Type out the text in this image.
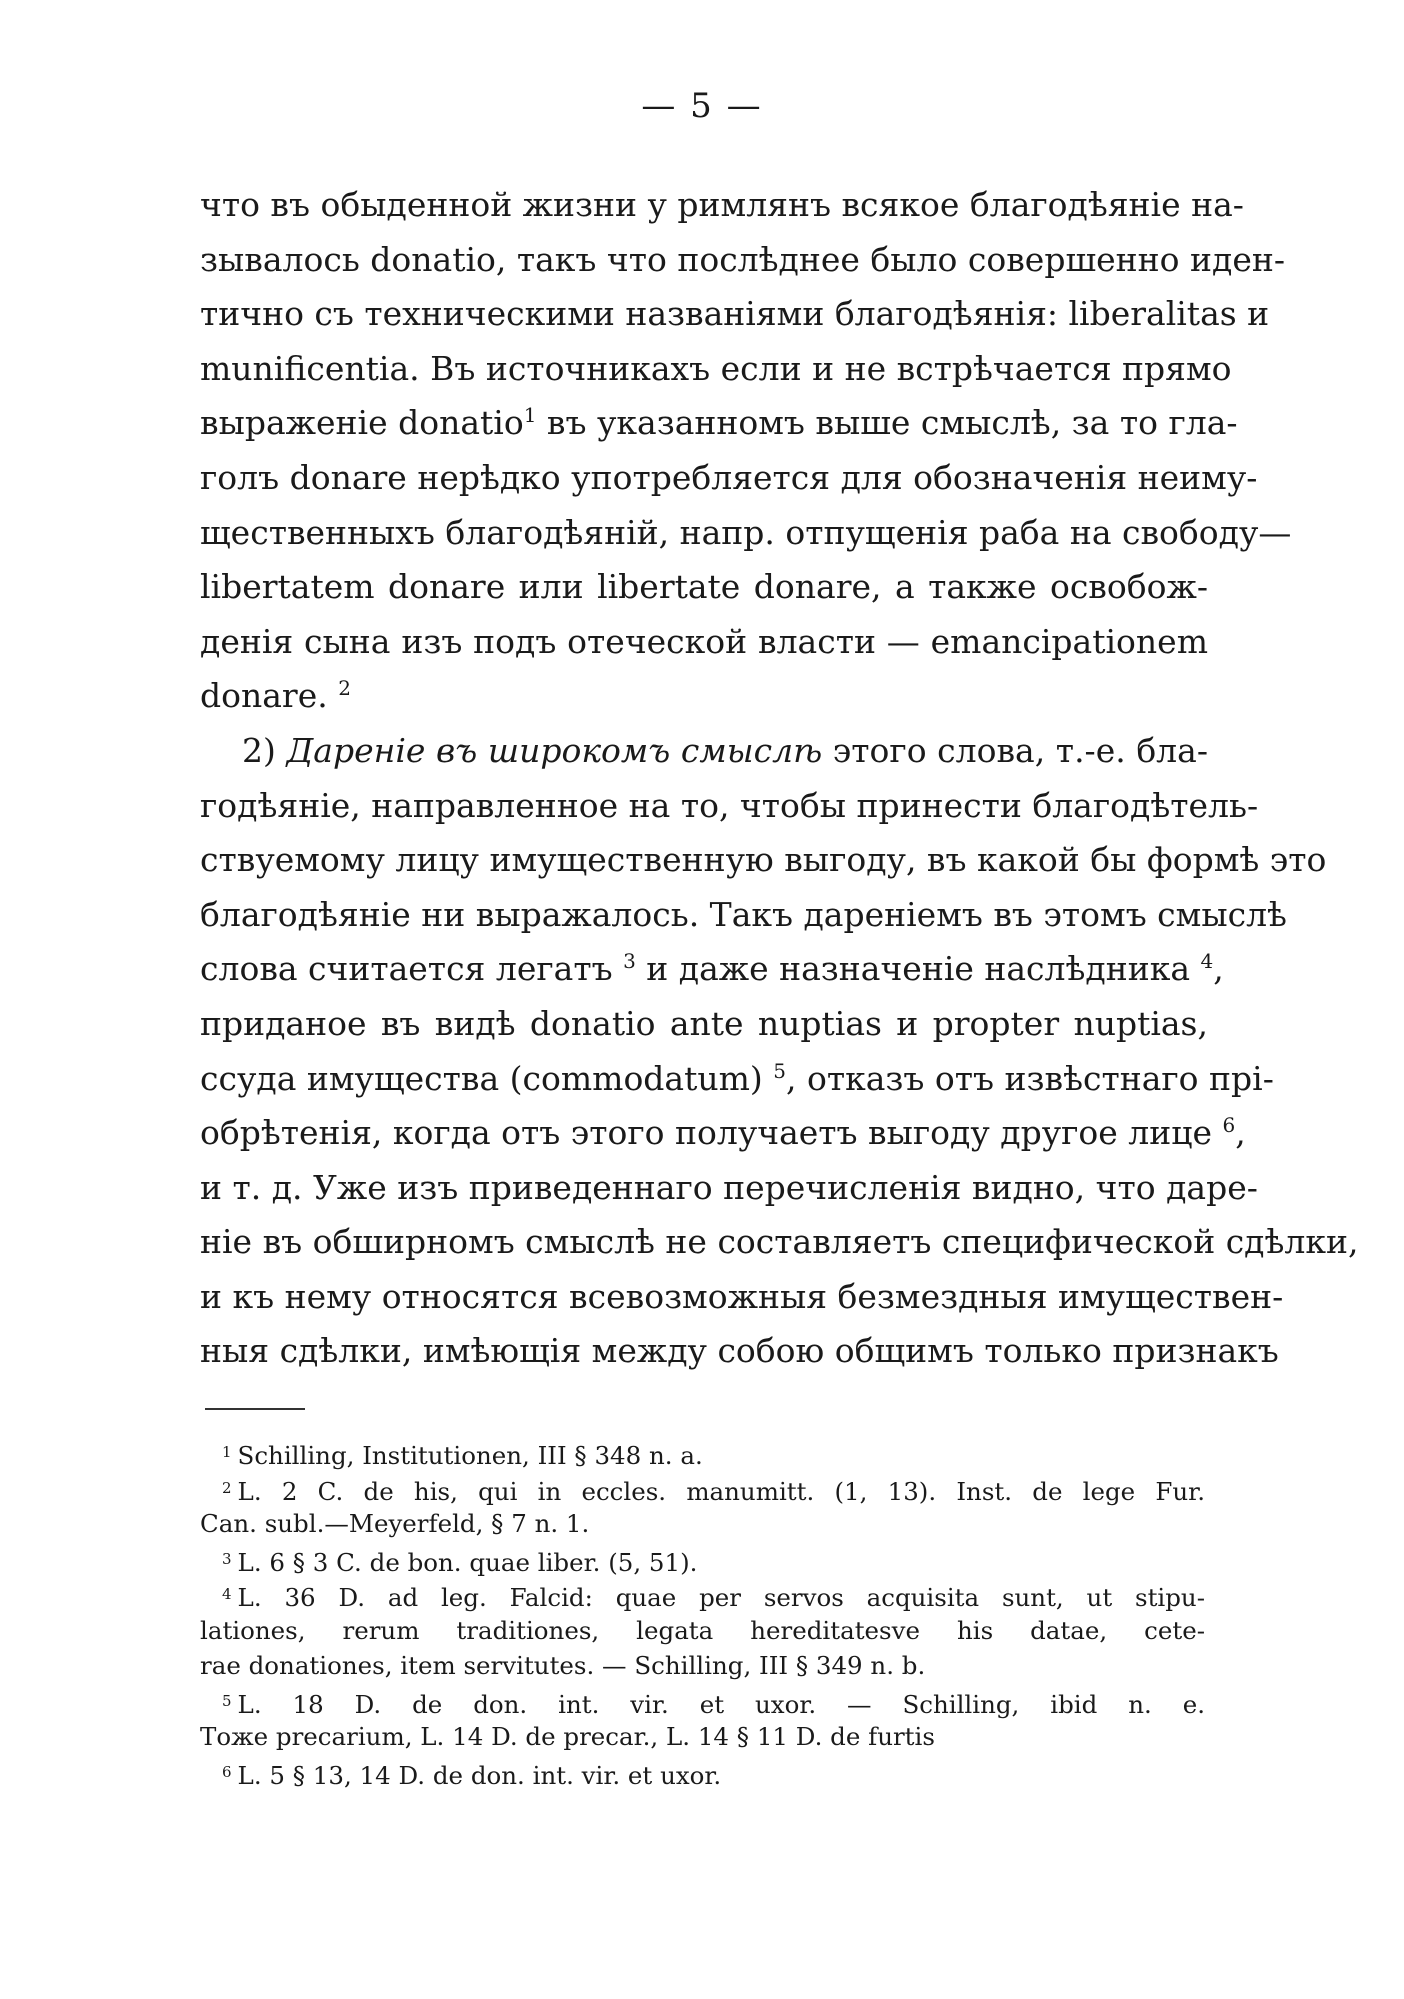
— 5 —
что въ обыденной жизни у римлянъ всякое благодѣяніе на-
зывалось donatio, такъ что послѣднее было совершенно иден-
тично съ техническими названіями благодѣянія: liberalitas и
munificentia. Въ источникахъ если и не встрѣчается прямо
выраженіе donatio$^1$ въ указанномъ выше смыслѣ, за то гла-
голъ donare нерѣдко употребляется для обозначенія неиму-
щественныхъ благодѣяній, напр. отпущенія раба на свободу—
libertatem donare или libertate donare, а также освобож-
денія сына изъ подъ отеческой власти — emancipationem
donare. $^2$
2) Дареніе въ широкомъ смыслѣ этого слова, т.-е. бла-
годѣяніе, направленное на то, чтобы принести благодѣтель-
ствуемому лицу имущественную выгоду, въ какой бы формѣ это
благодѣяніе ни выражалось. Такъ дареніемъ въ этомъ смыслѣ
слова считается легатъ $^3$ и даже назначеніе наслѣдника $^4$,
приданое въ видѣ donatio ante nuptias и propter nuptias,
ссуда имущества (commodatum) $^5$, отказъ отъ извѣстнаго прі-
обрѣтенія, когда отъ этого получаетъ выгоду другое лице $^6$,
и т. д. Уже изъ приведеннаго перечисленія видно, что даре-
ніе въ обширномъ смыслѣ не составляетъ специфической сдѣлки,
и къ нему относятся всевозможныя безмездныя имуществен-
ныя сдѣлки, имѣющія между собою общимъ только признакъ
$^1$ Schilling, Institutionen, III § 348 n. a.
$^2$ L. 2 C. de his, qui in eccles. manumitt. (1, 13). Inst. de lege Fur.
Can. subl.—Meyerfeld, § 7 n. 1.
$^3$ L. 6 § 3 C. de bon. quae liber. (5, 51).
$^4$ L. 36 D. ad leg. Falcid: quae per servos acquisita sunt, ut stipu-
lationes, rerum traditiones, legata hereditatesve his datae, cete-
rae donationes, item servitutes. — Schilling, III § 349 n. b.
$^5$ L. 18 D. de don. int. vir. et uxor. — Schilling, ibid n. e.
Тоже precarium, L. 14 D. de precar., L. 14 § 11 D. de furtis
$^6$ L. 5 § 13, 14 D. de don. int. vir. et uxor.
